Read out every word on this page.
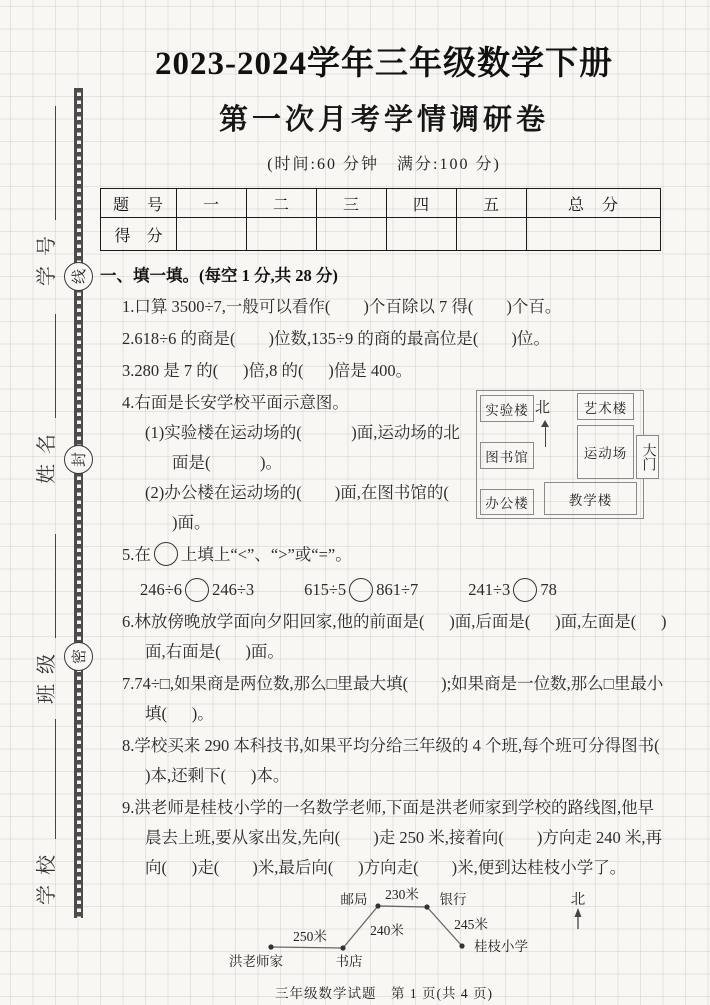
学号
姓名
班级
学校
线
封
密
2023-2024学年三年级数学下册
第一次月考学情调研卷
(时间:60 分钟　满分:100 分)
题　号	一	二	三	四	五	总　分
得　分						
一、填一填。(每空 1 分,共 28 分)

1.口算 3500÷7,一般可以看作(        )个百除以 7 得(        )个百。

2.618÷6 的商是(        )位数,135÷9 的商的最高位是(        )位。

3.280 是 7 的(      )倍,8 的(      )倍是 400。

4.右面是长安学校平面示意图。

(1)实验楼在运动场的(            )面,运动场的北面是(            )。

(2)办公楼在运动场的(        )面,在图书馆的(      )面。

实验楼	艺术楼
图书馆	运动场 大门
办公楼	教学楼
北

5.在 上填上“<”、“>”或“=”。

246÷6 246÷3	615÷5 861÷7	241÷3 78

6.林放傍晚放学面向夕阳回家,他的前面是(      )面,后面是(      )面,左面是(      )面,右面是(      )面。

7.74÷□,如果商是两位数,那么□里最大填(        );如果商是一位数,那么□里最小填(      )。

8.学校买来 290 本科技书,如果平均分给三年级的 4 个班,每个班可分得图书(      )本,还剩下(      )本。

9.洪老师是桂枝小学的一名数学老师,下面是洪老师家到学校的路线图,他早晨去上班,要从家出发,先向(        )走 250 米,接着向(        )方向走 240 米,再向(      )走(        )米,最后向(      )方向走(        )米,便到达桂枝小学了。

洪老师家	书店
邮局	银行
桂枝小学
250米	240米
230米
245米
北
三年级数学试题　第 1 页(共 4 页)
